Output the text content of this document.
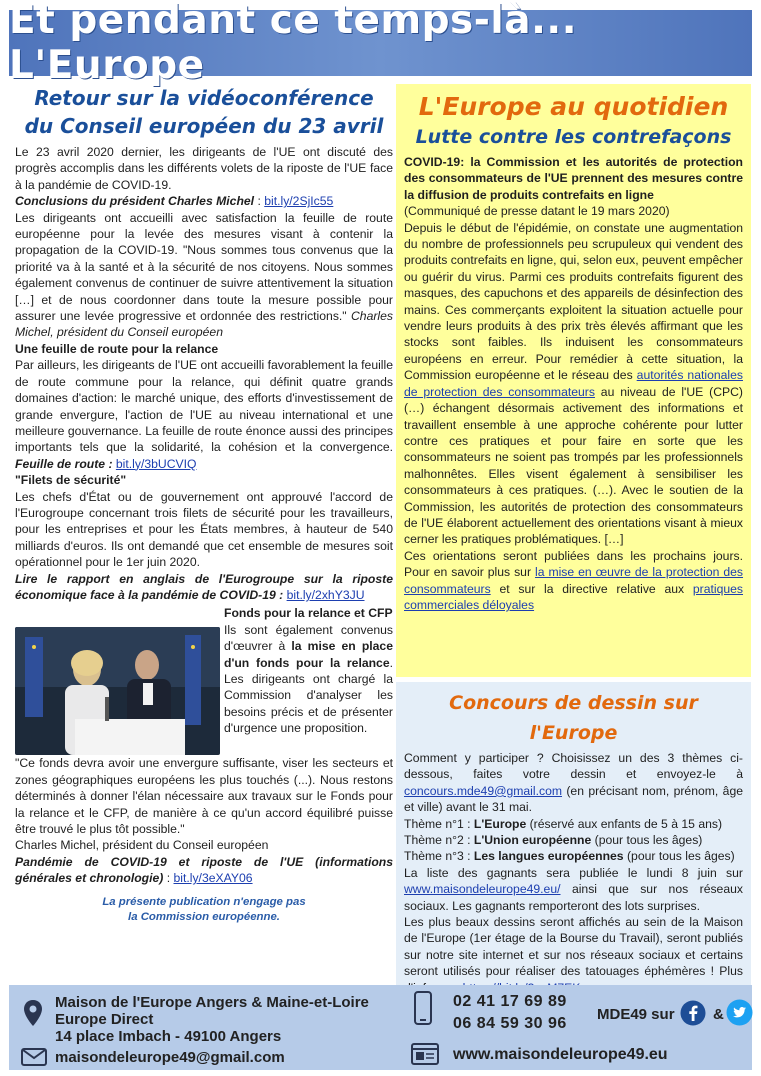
Et pendant ce temps-là... L'Europe
Retour sur la vidéoconférence
du Conseil européen du 23 avril

Le 23 avril 2020 dernier, les dirigeants de l'UE ont discuté des progrès accomplis dans les différents volets de la riposte de l'UE face à la pandémie de COVID-19.

Conclusions du président Charles Michel : bit.ly/2SjIc55

Les dirigeants ont accueilli avec satisfaction la feuille de route européenne pour la levée des mesures visant à contenir la propagation de la COVID-19. "Nous sommes tous convenus que la priorité va à la santé et à la sécurité de nos citoyens. Nous sommes également convenus de continuer de suivre attentivement la situation […] et de nous coordonner dans toute la mesure possible pour assurer une levée progressive et ordonnée des restrictions." Charles Michel, président du Conseil européen

Une feuille de route pour la relance

Par ailleurs, les dirigeants de l'UE ont accueilli favorablement la feuille de route commune pour la relance, qui définit quatre grands domaines d'action: le marché unique, des efforts d'investissement de grande envergure, l'action de l'UE au niveau international et une meilleure gouvernance. La feuille de route énonce aussi des principes importants tels que la solidarité, la cohésion et la convergence. Feuille de route : bit.ly/3bUCVIQ

"Filets de sécurité"

Les chefs d'État ou de gouvernement ont approuvé l'accord de l'Eurogroupe concernant trois filets de sécurité pour les travailleurs, pour les entreprises et pour les États membres, à hauteur de 540 milliards d'euros. Ils ont demandé que cet ensemble de mesures soit opérationnel pour le 1er juin 2020.

Lire le rapport en anglais de l'Eurogroupe sur la riposte économique face à la pandémie de COVID-19 : bit.ly/2xhY3JU

Fonds pour la relance et CFP

Ils sont également convenus d'œuvrer à la mise en place d'un fonds pour la relance. Les dirigeants ont chargé la Commission d'analyser les besoins précis et de présenter d'urgence une proposition.

"Ce fonds devra avoir une envergure suffisante, viser les secteurs et zones géographiques européens les plus touchés (...). Nous restons déterminés à donner l'élan nécessaire aux travaux sur le Fonds pour la relance et le CFP, de manière à ce qu'un accord équilibré puisse être trouvé le plus tôt possible."

Charles Michel, président du Conseil européen

Pandémie de COVID-19 et riposte de l'UE (informations générales et chronologie) : bit.ly/3eXAY06

La présente publication n'engage pas
la Commission européenne.
L'Europe au quotidien
Lutte contre les contrefaçons

COVID-19: la Commission et les autorités de protection des consommateurs de l'UE prennent des mesures contre la diffusion de produits contrefaits en ligne

(Communiqué de presse datant le 19 mars 2020)

Depuis le début de l'épidémie, on constate une augmentation du nombre de professionnels peu scrupuleux qui vendent des produits contrefaits en ligne, qui, selon eux, peuvent empêcher ou guérir du virus. Parmi ces produits contrefaits figurent des masques, des capuchons et des appareils de désinfection des mains. Ces commerçants exploitent la situation actuelle pour vendre leurs produits à des prix très élevés affirmant que les stocks sont faibles. Ils induisent les consommateurs européens en erreur. Pour remédier à cette situation, la Commission européenne et le réseau des autorités nationales de protection des consommateurs au niveau de l'UE (CPC) (…) échangent désormais activement des informations et travaillent ensemble à une approche cohérente pour lutter contre ces pratiques et pour faire en sorte que les consommateurs ne soient pas trompés par les professionnels malhonnêtes. Elles visent également à sensibiliser les consommateurs à ces pratiques. (…). Avec le soutien de la Commission, les autorités de protection des consommateurs de l'UE élaborent actuellement des orientations visant à mieux cerner les pratiques problématiques. […]

Ces orientations seront publiées dans les prochains jours. Pour en savoir plus sur la mise en œuvre de la protection des consommateurs et sur la directive relative aux pratiques commerciales déloyales

Concours de dessin sur l'Europe

Comment y participer ? Choisissez un des 3 thèmes ci-dessous, faites votre dessin et envoyez-le à concours.mde49@gmail.com (en précisant nom, prénom, âge et ville) avant le 31 mai.

Thème n°1 : L'Europe (réservé aux enfants de 5 à 15 ans)

Thème n°2 : L'Union européenne (pour tous les âges)

Thème n°3 : Les langues européennes (pour tous les âges)

La liste des gagnants sera publiée le lundi 8 juin sur www.maisondeleurope49.eu/ ainsi que sur nos réseaux sociaux. Les gagnants remporteront des lots surprises.

Les plus beaux dessins seront affichés au sein de la Maison de l'Europe (1er étage de la Bourse du Travail), seront publiés sur notre site internet et sur nos réseaux sociaux et certains seront utilisés pour réaliser des tatouages éphémères ! Plus

Maison de l'Europe Angers & Maine-et-Loire
Europe Direct
14 place Imbach - 49100 Angers
maisondeleurope49@gmail.com
02 41 17 69 89
06 84 59 30 96
www.maisondeleurope49.eu
MDE49 sur	&
